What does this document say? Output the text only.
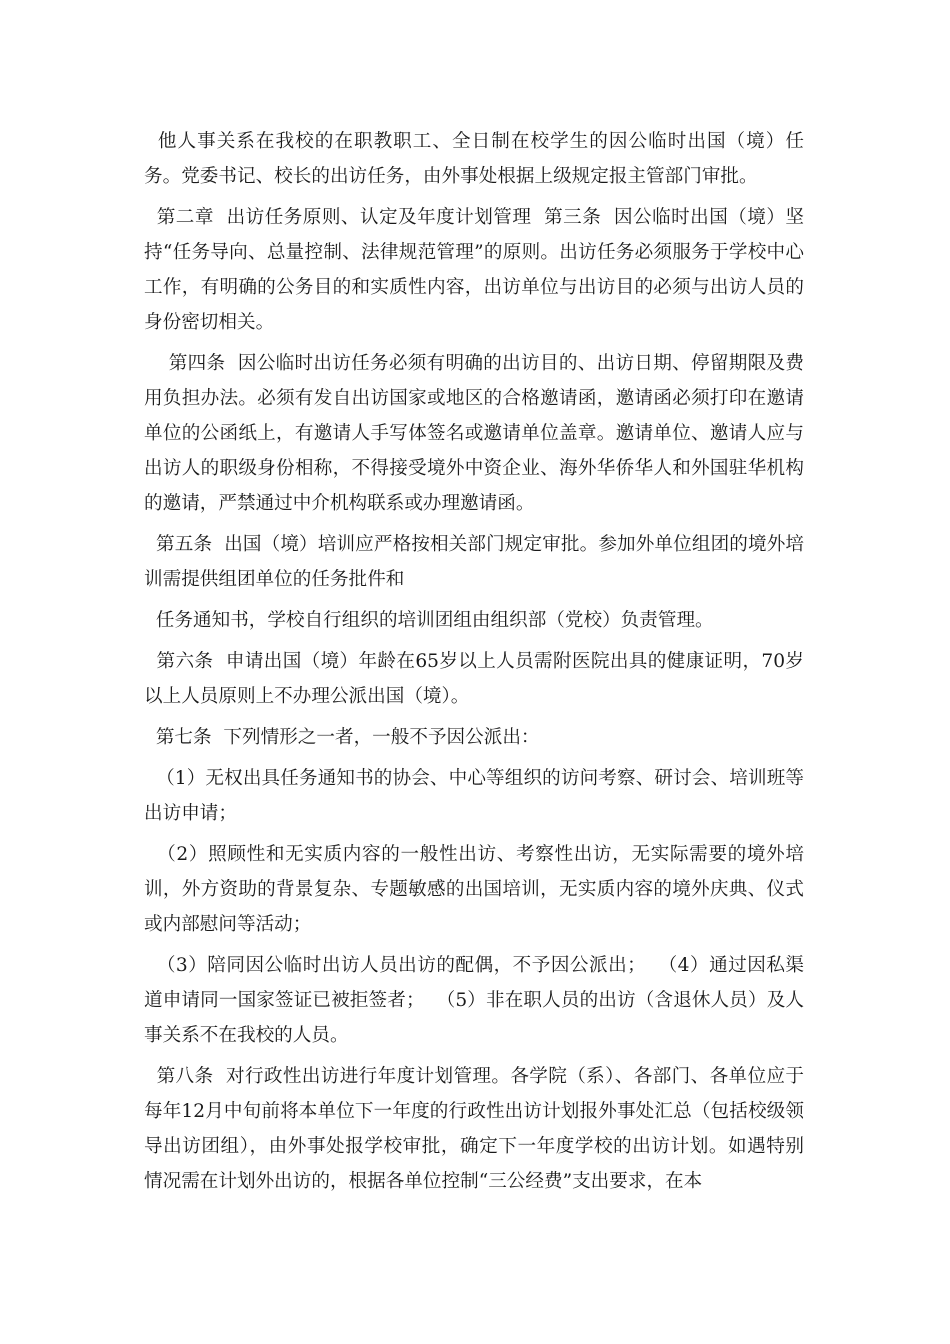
他人事关系在我校的在职教职工、全日制在校学生的因公临时出国（境）任务。党委书记、校长的出访任务，由外事处根据上级规定报主管部门审批。

第二章  出访任务原则、认定及年度计划管理  第三条  因公临时出国（境）坚持“任务导向、总量控制、法律规范管理”的原则。出访任务必须服务于学校中心工作，有明确的公务目的和实质性内容，出访单位与出访目的必须与出访人员的身份密切相关。

第四条  因公临时出访任务必须有明确的出访目的、出访日期、停留期限及费用负担办法。必须有发自出访国家或地区的合格邀请函，邀请函必须打印在邀请单位的公函纸上，有邀请人手写体签名或邀请单位盖章。邀请单位、邀请人应与出访人的职级身份相称，不得接受境外中资企业、海外华侨华人和外国驻华机构的邀请，严禁通过中介机构联系或办理邀请函。

第五条  出国（境）培训应严格按相关部门规定审批。参加外单位组团的境外培训需提供组团单位的任务批件和

任务通知书，学校自行组织的培训团组由组织部（党校）负责管理。

第六条  申请出国（境）年龄在65岁以上人员需附医院出具的健康证明，70岁以上人员原则上不办理公派出国（境）。

第七条  下列情形之一者，一般不予因公派出：

（1）无权出具任务通知书的协会、中心等组织的访问考察、研讨会、培训班等出访申请；

（2）照顾性和无实质内容的一般性出访、考察性出访，无实际需要的境外培训，外方资助的背景复杂、专题敏感的出国培训，无实质内容的境外庆典、仪式或内部慰问等活动；

（3）陪同因公临时出访人员出访的配偶，不予因公派出；  （4）通过因私渠道申请同一国家签证已被拒签者；  （5）非在职人员的出访（含退休人员）及人事关系不在我校的人员。

第八条  对行政性出访进行年度计划管理。各学院（系）、各部门、各单位应于每年12月中旬前将本单位下一年度的行政性出访计划报外事处汇总（包括校级领导出访团组），由外事处报学校审批，确定下一年度学校的出访计划。如遇特别情况需在计划外出访的，根据各单位控制“三公经费”支出要求，在本
